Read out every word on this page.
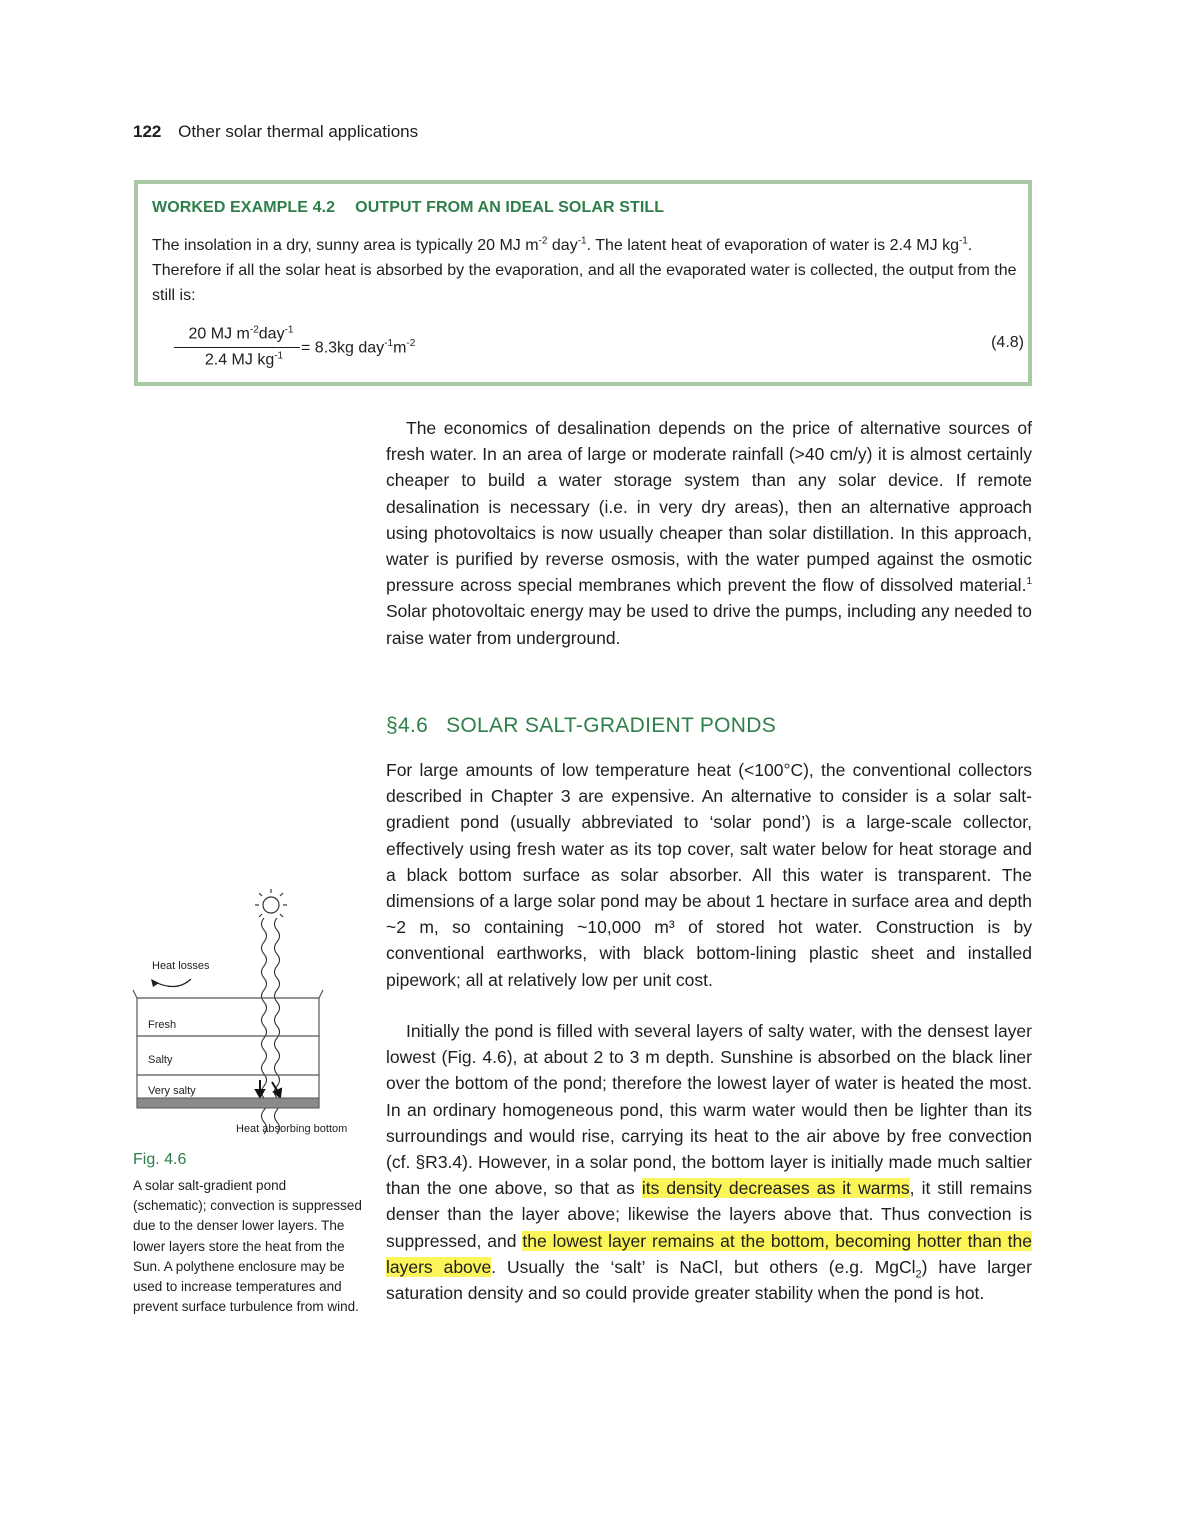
122 Other solar thermal applications
WORKED EXAMPLE 4.2 OUTPUT FROM AN IDEAL SOLAR STILL
The insolation in a dry, sunny area is typically 20 MJ $m^{-2}$ day$^{-1}$. The latent heat of evaporation of water is 2.4 MJ $kg^{-1}$. Therefore if all the solar heat is absorbed by the evaporation, and all the evaporated water is collected, the output from the still is:
20 MJ $m^{-2}day^{-1}$
2.4 MJ $kg^{-1} = 8.3kg$ $day^{-1}m^{-2}$	(4.8)
The economics of desalination depends on the price of alternative sources of fresh water. In an area of large or moderate rainfall (>40 cm/y) it is almost certainly cheaper to build a water storage system than any solar device. If remote desalination is necessary (i.e. in very dry areas), then an alternative approach using photovoltaics is now usually cheaper than solar distillation. In this approach, water is purified by reverse osmosis, with the water pumped against the osmotic pressure across special membranes which prevent the flow of dissolved material.$^1$ Solar photovoltaic energy may be used to drive the pumps, including any needed to raise water from underground.
§4.6 SOLAR SALT-GRADIENT PONDS
For large amounts of low temperature heat (<100°C), the conventional collectors described in Chapter 3 are expensive. An alternative to consider is a solar salt-gradient pond (usually abbreviated to ‘solar pond’) is a large-scale collector, effectively using fresh water as its top cover, salt water below for heat storage and a black bottom surface as solar absorber. All this water is transparent. The dimensions of a large solar pond may be about 1 hectare in surface area and depth ~2 m, so containing ~10,000 m³ of stored hot water. Construction is by conventional earthworks, with black bottom-lining plastic sheet and installed pipework; all at relatively low per unit cost.
Initially the pond is filled with several layers of salty water, with the densest layer lowest (Fig. 4.6), at about 2 to 3 m depth. Sunshine is absorbed on the black liner over the bottom of the pond; therefore the lowest layer of water is heated the most. In an ordinary homogeneous pond, this warm water would then be lighter than its surroundings and would rise, carrying its heat to the air above by free convection (cf. §R3.4). However, in a solar pond, the bottom layer is initially made much saltier than the one above, so that as its density decreases as it warms, it still remains denser than the layer above; likewise the layers above that. Thus convection is suppressed, and the lowest layer remains at the bottom, becoming hotter than the layers above. Usually the ‘salt’ is NaCl, but others (e.g. MgCl$_2$) have larger saturation density and so could provide greater stability when the pond is hot.
Heat losses
Fresh
Salty
Very salty
Heat absorbing bottom
Fig. 4.6
A solar salt-gradient pond (schematic); convection is suppressed due to the denser lower layers. The lower layers store the heat from the Sun. A polythene enclosure may be used to increase temperatures and prevent surface turbulence from wind.
